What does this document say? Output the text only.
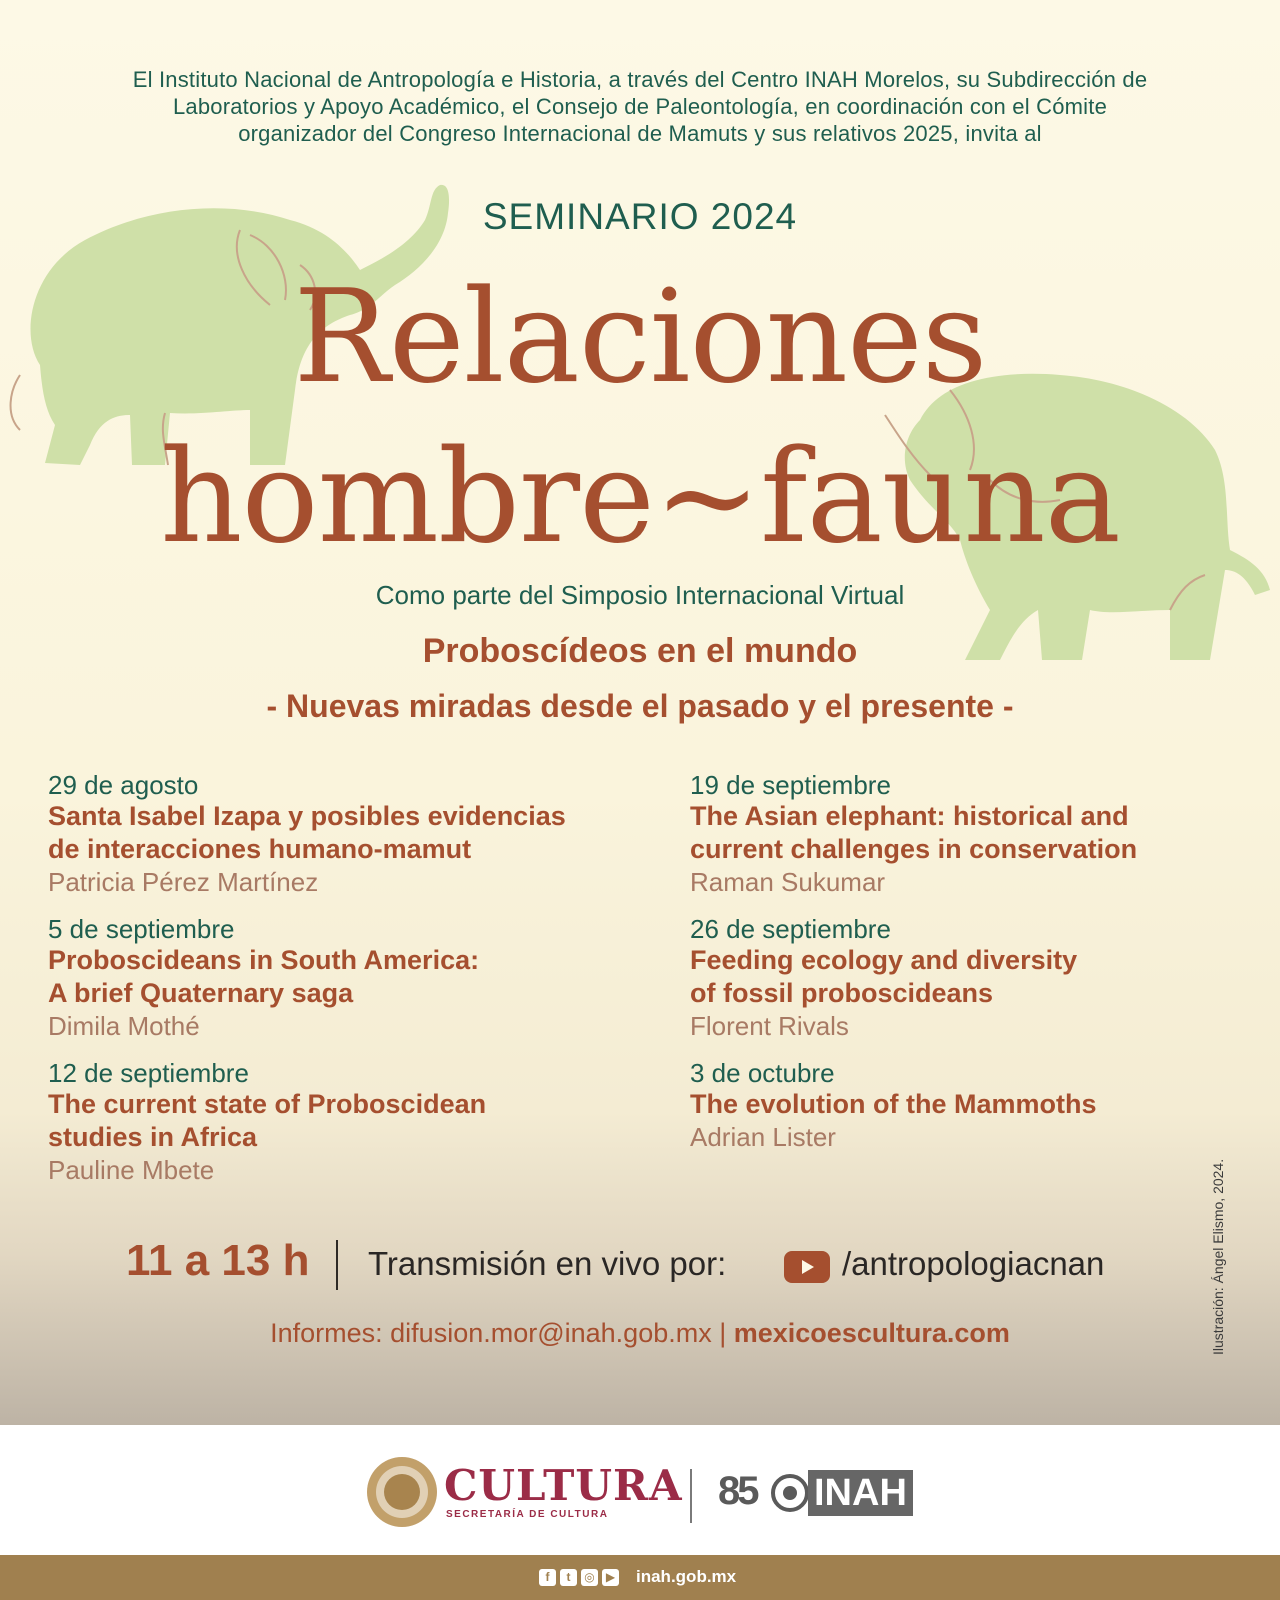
El Instituto Nacional de Antropología e Historia, a través del Centro INAH Morelos, su Subdirección de
Laboratorios y Apoyo Académico, el Consejo de Paleontología, en coordinación con el Cómite
organizador del Congreso Internacional de Mamuts y sus relativos 2025, invita al
SEMINARIO 2024
Relaciones
hombre~fauna
Como parte del Simposio Internacional Virtual
Proboscídeos en el mundo
- Nuevas miradas desde el pasado y el presente -
29 de agosto
Santa Isabel Izapa y posibles evidencias
de interacciones humano-mamut
Patricia Pérez Martínez
5 de septiembre
Proboscideans in South America:
A brief Quaternary saga
Dimila Mothé
12 de septiembre
The current state of Proboscidean
studies in Africa
Pauline Mbete
19 de septiembre
The Asian elephant: historical and
current challenges in conservation
Raman Sukumar
26 de septiembre
Feeding ecology and diversity
of fossil proboscideans
Florent Rivals
3 de octubre
The evolution of the Mammoths
Adrian Lister
Ilustración: Ángel Elismo, 2024.
11 a 13 h Transmisión en vivo por:	/antropologiacnan
Informes: difusion.mor@inah.gob.mx | mexicoescultura.com
CULTURA
SECRETARÍA DE CULTURA
85 INAH
f	t	◎ ▶ inah.gob.mx
